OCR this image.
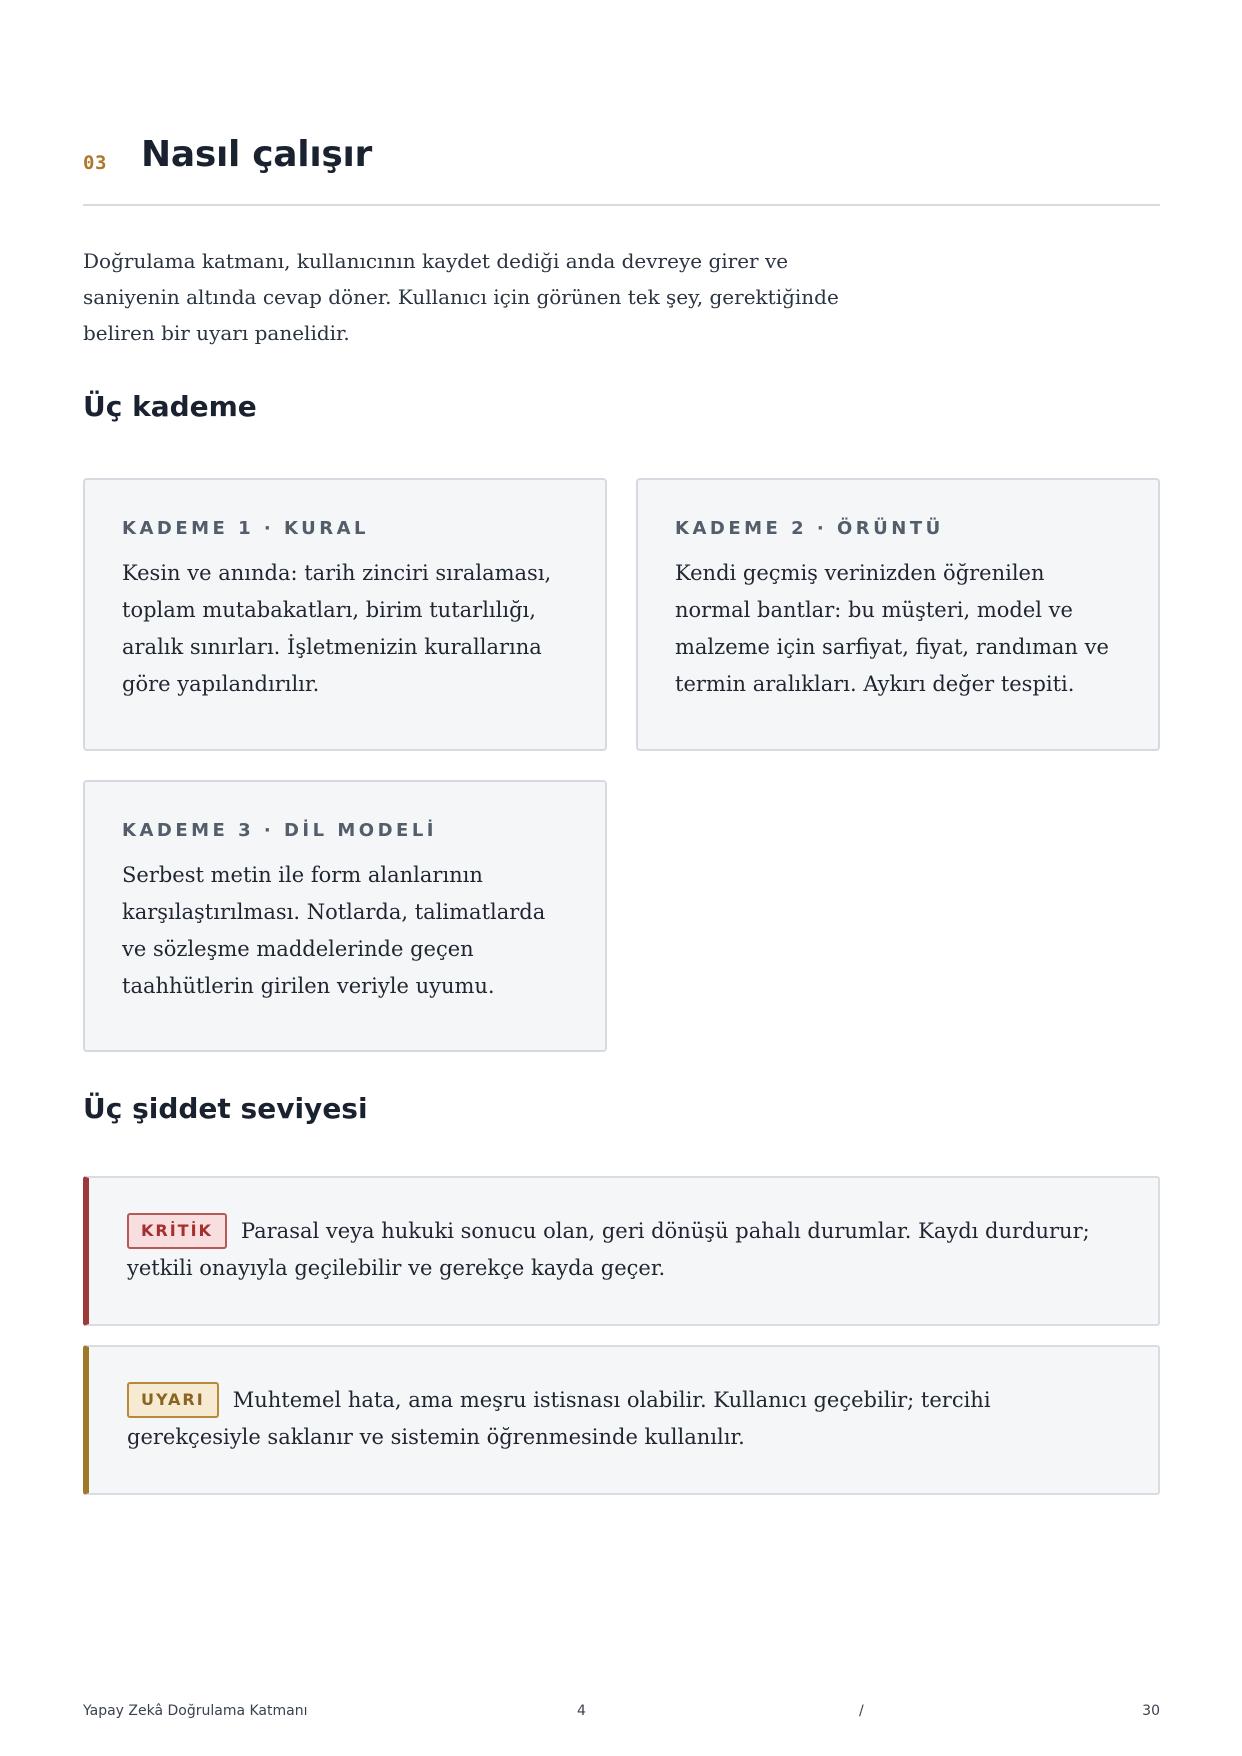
03 Nasıl çalışır

Doğrulama katmanı, kullanıcının kaydet dediği anda devreye girer ve saniyenin altında cevap döner. Kullanıcı için görünen tek şey, gerektiğinde beliren bir uyarı panelidir.

Üç kademe
KADEME 1 · KURAL

Kesin ve anında: tarih zinciri sıralaması, toplam mutabakatları, birim tutarlılığı, aralık sınırları. İşletmenizin kurallarına göre yapılandırılır.

KADEME 2 · ÖRÜNTÜ

Kendi geçmiş verinizden öğrenilen normal bantlar: bu müşteri, model ve malzeme için sarfiyat, fiyat, randıman ve termin aralıkları. Aykırı değer tespiti.

KADEME 3 · DİL MODELİ

Serbest metin ile form alanlarının karşılaştırılması. Notlarda, talimatlarda ve sözleşme maddelerinde geçen taahhütlerin girilen veriyle uyumu.

Üç şiddet seviyesi

KRİTİK Parasal veya hukuki sonucu olan, geri dönüşü pahalı durumlar. Kaydı durdurur; yetkili onayıyla geçilebilir ve gerekçe kayda geçer.

UYARI Muhtemel hata, ama meşru istisnası olabilir. Kullanıcı geçebilir; tercihi gerekçesiyle saklanır ve sistemin öğrenmesinde kullanılır.

Yapay Zekâ Doğrulama Katmanı	4	/	30
